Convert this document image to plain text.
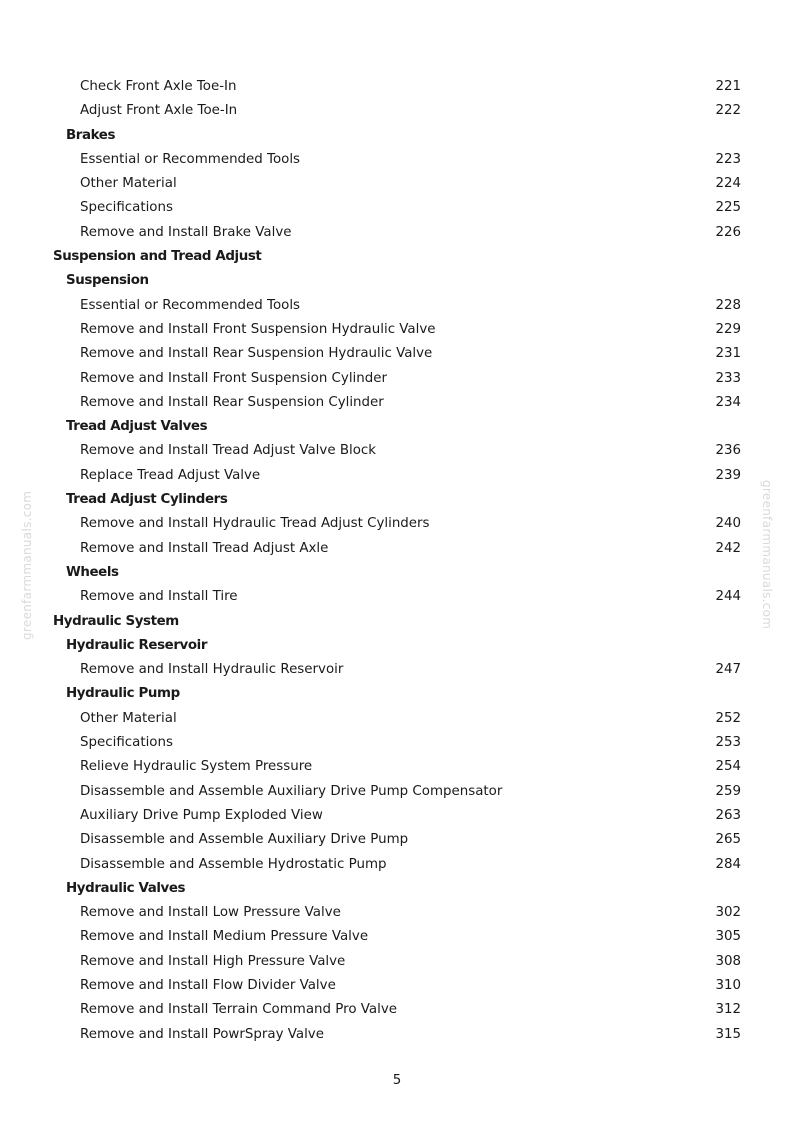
greenfarmmanuals.com	greenfarmmanuals.com
Check Front Axle Toe-In	221
Adjust Front Axle Toe-In	222
Brakes
Essential or Recommended Tools	223
Other Material	224
Specifications	225
Remove and Install Brake Valve	226
Suspension and Tread Adjust
Suspension
Essential or Recommended Tools	228
Remove and Install Front Suspension Hydraulic Valve	229
Remove and Install Rear Suspension Hydraulic Valve	231
Remove and Install Front Suspension Cylinder	233
Remove and Install Rear Suspension Cylinder	234
Tread Adjust Valves
Remove and Install Tread Adjust Valve Block	236
Replace Tread Adjust Valve	239
Tread Adjust Cylinders
Remove and Install Hydraulic Tread Adjust Cylinders	240
Remove and Install Tread Adjust Axle	242
Wheels
Remove and Install Tire	244
Hydraulic System
Hydraulic Reservoir
Remove and Install Hydraulic Reservoir	247
Hydraulic Pump
Other Material	252
Specifications	253
Relieve Hydraulic System Pressure	254
Disassemble and Assemble Auxiliary Drive Pump Compensator	259
Auxiliary Drive Pump Exploded View	263
Disassemble and Assemble Auxiliary Drive Pump	265
Disassemble and Assemble Hydrostatic Pump	284
Hydraulic Valves
Remove and Install Low Pressure Valve	302
Remove and Install Medium Pressure Valve	305
Remove and Install High Pressure Valve	308
Remove and Install Flow Divider Valve	310
Remove and Install Terrain Command Pro Valve	312
Remove and Install PowrSpray Valve	315
5
